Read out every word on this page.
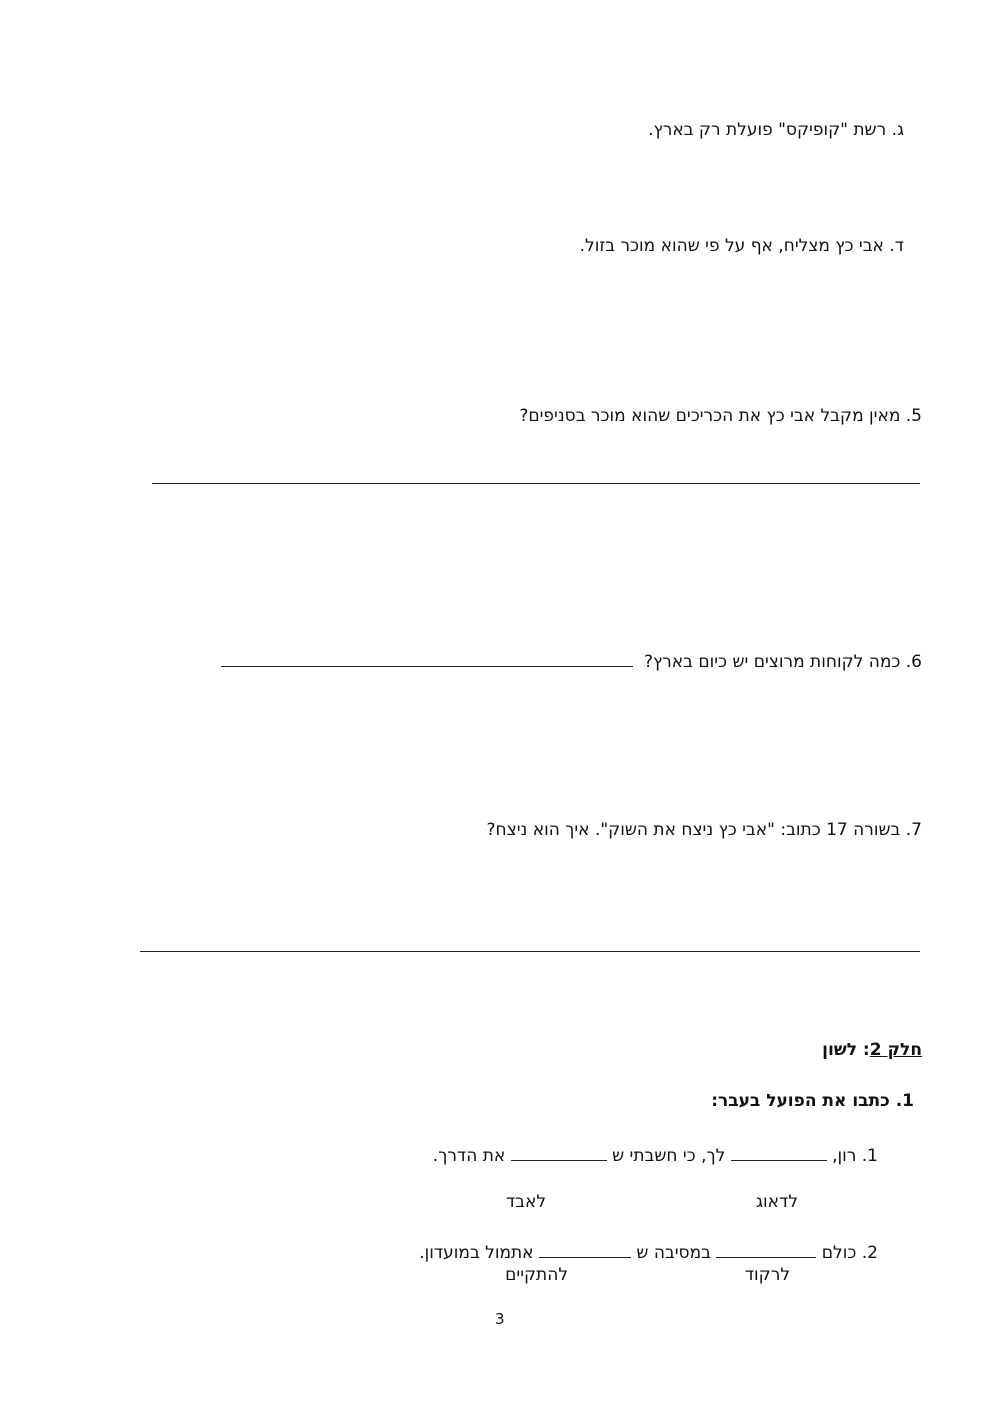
ג. רשת "קופיקס" פועלת רק בארץ.
ד. אבי כץ מצליח, אף על פי שהוא מוכר בזול.
5. מאין מקבל אבי כץ את הכריכים שהוא מוכר בסניפים?
6. כמה לקוחות מרוצים יש כיום בארץ?
7. בשורה 17 כתוב: "אבי כץ ניצח את השוק". איך הוא ניצח?
חלק 2: לשון
1. כתבו את הפועל בעבר:
1. רון,  לך, כי חשבתי ש  את הדרך.
לדאוג
לאבד
2. כולם  במסיבה ש  אתמול במועדון.
לרקוד
להתקיים
3
